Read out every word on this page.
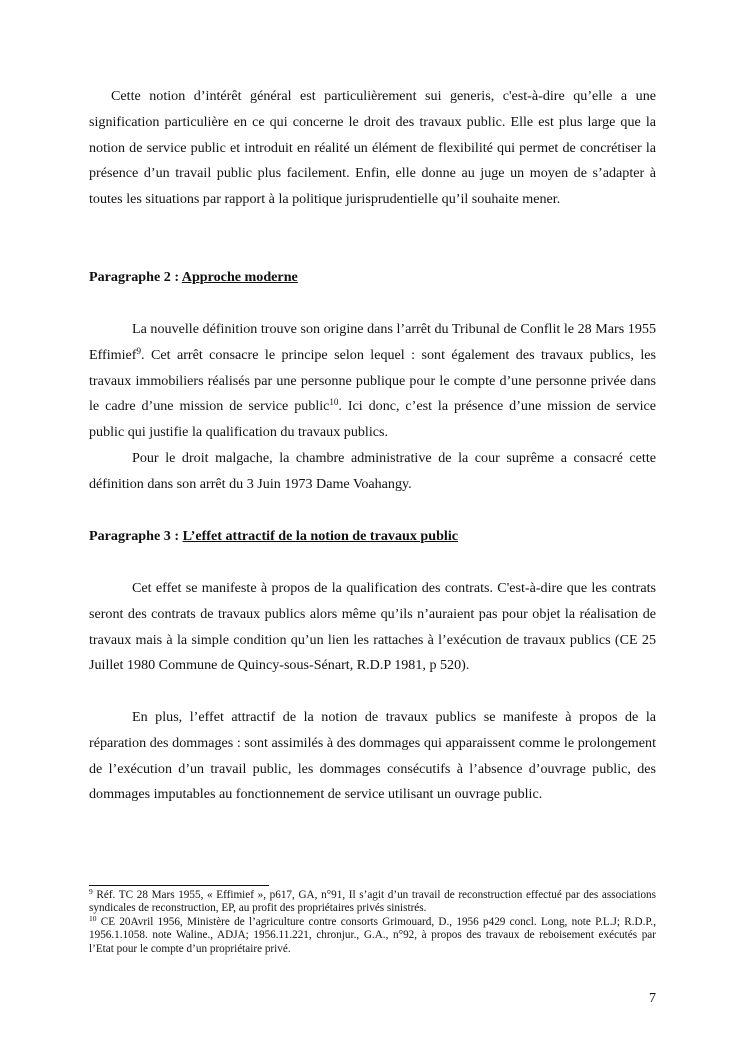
Cette notion d’intérêt général est particulièrement sui generis, c'est-à-dire qu’elle a une signification particulière en ce qui concerne le droit des travaux public. Elle est plus large que la notion de service public et introduit en réalité un élément de flexibilité qui permet de concrétiser la présence d’un travail public plus facilement. Enfin, elle donne au juge un moyen de s’adapter à toutes les situations par rapport à la politique jurisprudentielle qu’il souhaite mener.

Paragraphe 2 : Approche moderne

La nouvelle définition trouve son origine dans l’arrêt du Tribunal de Conflit le 28 Mars 1955 Effimief$^9$. Cet arrêt consacre le principe selon lequel : sont également des travaux publics, les travaux immobiliers réalisés par une personne publique pour le compte d’une personne privée dans le cadre d’une mission de service public$^{10}$. Ici donc, c’est la présence d’une mission de service public qui justifie la qualification du travaux publics.

Pour le droit malgache, la chambre administrative de la cour suprême a consacré cette définition dans son arrêt du 3 Juin 1973 Dame Voahangy.

Paragraphe 3 : L’effet attractif de la notion de travaux public

Cet effet se manifeste à propos de la qualification des contrats. C'est-à-dire que les contrats seront des contrats de travaux publics alors même qu’ils n’auraient pas pour objet la réalisation de travaux mais à la simple condition qu’un lien les rattaches à l’exécution de travaux publics (CE 25 Juillet 1980 Commune de Quincy-sous-Sénart, R.D.P 1981, p 520).

En plus, l’effet attractif de la notion de travaux publics se manifeste à propos de la réparation des dommages : sont assimilés à des dommages qui apparaissent comme le prolongement de l’exécution d’un travail public, les dommages consécutifs à l’absence d’ouvrage public, des dommages imputables au fonctionnement de service utilisant un ouvrage public.

$^9$ Réf. TC 28 Mars 1955, « Effimief », p617, GA, n°91, Il s’agit d’un travail de reconstruction effectué par des associations syndicales de reconstruction, EP, au profit des propriétaires privés sinistrés.

$^{10}$ CE 20Avril 1956, Ministère de l’agriculture contre consorts Grimouard, D., 1956 p429 concl. Long, note P.L.J; R.D.P., 1956.1.1058. note Waline., ADJA; 1956.11.221, chronjur., G.A., n°92, à propos des travaux de reboisement exécutés par l’Etat pour le compte d’un propriétaire privé.

7
